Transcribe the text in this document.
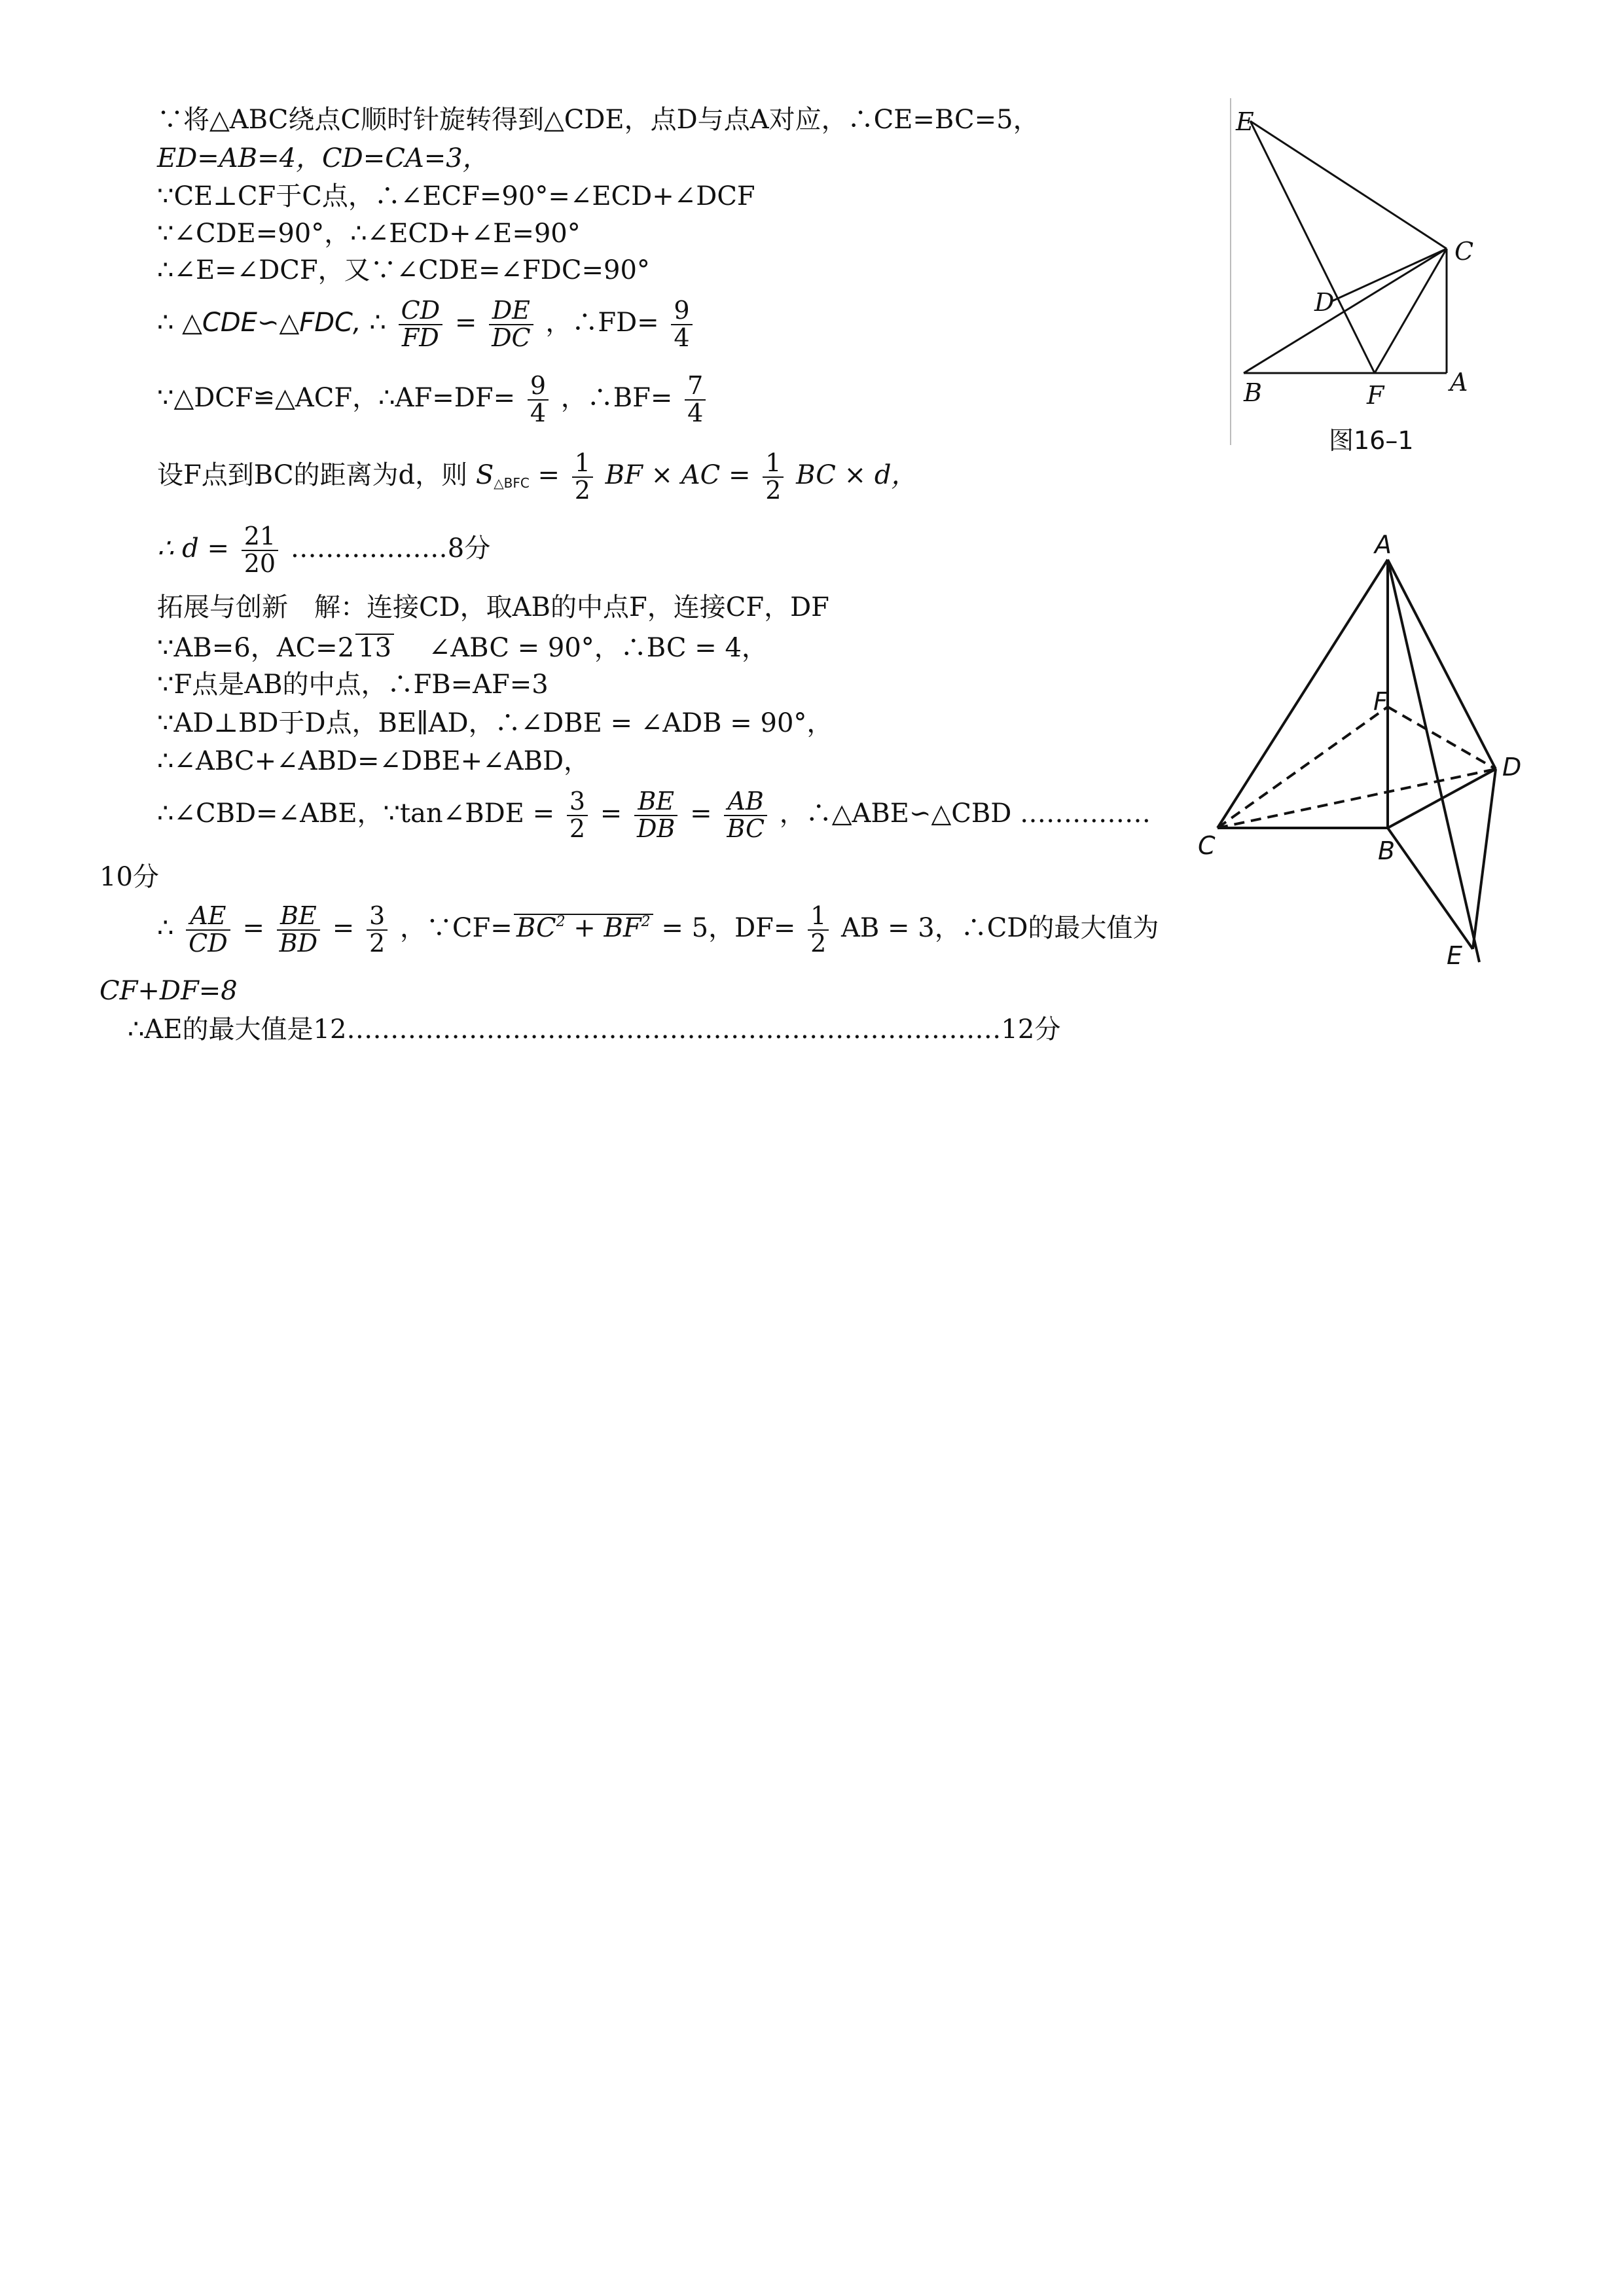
∵将△ABC绕点C顺时针旋转得到△CDE，点D与点A对应，∴CE=BC=5，
ED=AB=4，CD=CA=3，
∵CE⊥CF于C点，∴∠ECF=90°=∠ECD+∠DCF
∵∠CDE=90°，∴∠ECD+∠E=90°
∴∠E=∠DCF，又∵∠CDE=∠FDC=90°
∴ △CDE∽△FDC, ∴ $\frac{CD}{FD} = \frac{DE}{DC}$ ，∴FD= $\frac{9}{4}$
∵△DCF≌△ACF，∴AF=DF= $\frac{9}{4}$ ，∴BF= $\frac{7}{4}$
设F点到BC的距离为d，则 $S_{\triangle BFC} = \frac{1}{2}$ BF × AC = $\frac{1}{2}$ BC × d，
∴ $d = \frac{21}{20}$ ………………8分
拓展与创新　解：连接CD，取AB的中点F，连接CF，DF
∵AB=6，AC=2 13 　∠ABC = 90°，∴BC = 4，
∵F点是AB的中点，∴FB=AF=3
∵AD⊥BD于D点，BE∥AD，∴∠DBE = ∠ADB = 90°，
∴∠ABC+∠ABD=∠DBE+∠ABD，
∴∠CBD=∠ABE，∵tan∠BDE = $\frac{3}{2} = \frac{BE}{DB} = \frac{AB}{BC}$ ，∴△ABE∽△CBD ……………
10分
∴ $\frac{AE}{CD} = \frac{BE}{BD} = \frac{3}{2}$ ，∵CF= $BC^2 + BF^2 = 5$，$DF= \frac{1}{2}$ AB = 3，∴CD的最大值为
CF+DF=8
∴AE的最大值是12…………………………………………………………………12分
E
C
D
B	F	A
图16–1
A
F
D
C	B
E
